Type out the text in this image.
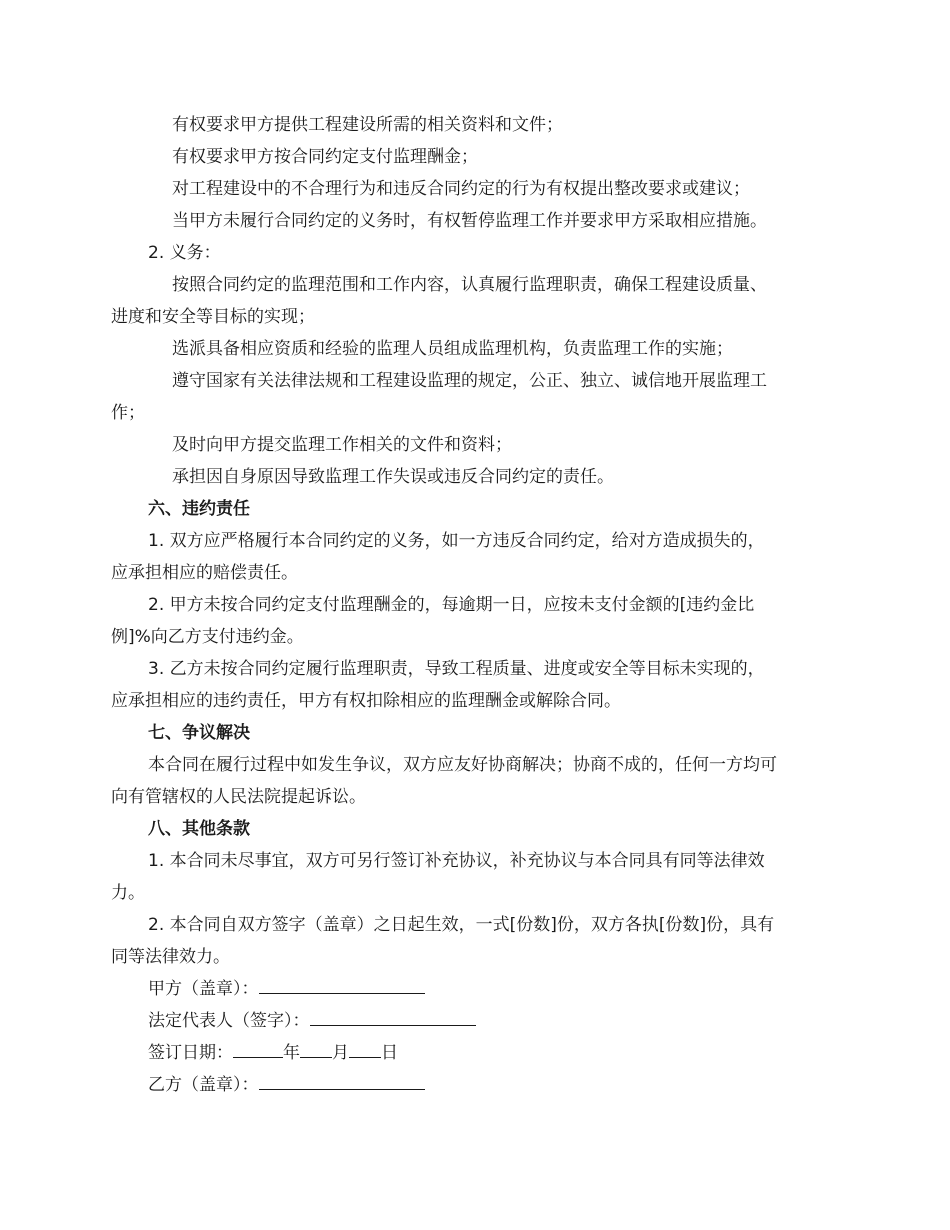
有权要求甲方提供工程建设所需的相关资料和文件；
有权要求甲方按合同约定支付监理酬金；
对工程建设中的不合理行为和违反合同约定的行为有权提出整改要求或建议；
当甲方未履行合同约定的义务时，有权暂停监理工作并要求甲方采取相应措施。
2. 义务：
按照合同约定的监理范围和工作内容，认真履行监理职责，确保工程建设质量、
进度和安全等目标的实现；
选派具备相应资质和经验的监理人员组成监理机构，负责监理工作的实施；
遵守国家有关法律法规和工程建设监理的规定，公正、独立、诚信地开展监理工
作；
及时向甲方提交监理工作相关的文件和资料；
承担因自身原因导致监理工作失误或违反合同约定的责任。
六、违约责任
1. 双方应严格履行本合同约定的义务，如一方违反合同约定，给对方造成损失的，
应承担相应的赔偿责任。
2. 甲方未按合同约定支付监理酬金的，每逾期一日，应按未支付金额的[违约金比
例]%向乙方支付违约金。
3. 乙方未按合同约定履行监理职责，导致工程质量、进度或安全等目标未实现的，
应承担相应的违约责任，甲方有权扣除相应的监理酬金或解除合同。
七、争议解决
本合同在履行过程中如发生争议，双方应友好协商解决；协商不成的，任何一方均可
向有管辖权的人民法院提起诉讼。
八、其他条款
1. 本合同未尽事宜，双方可另行签订补充协议，补充协议与本合同具有同等法律效
力。
2. 本合同自双方签字（盖章）之日起生效，一式[份数]份，双方各执[份数]份，具有
同等法律效力。
甲方（盖章）：
法定代表人（签字）：
签订日期：	年 月 日
乙方（盖章）：
